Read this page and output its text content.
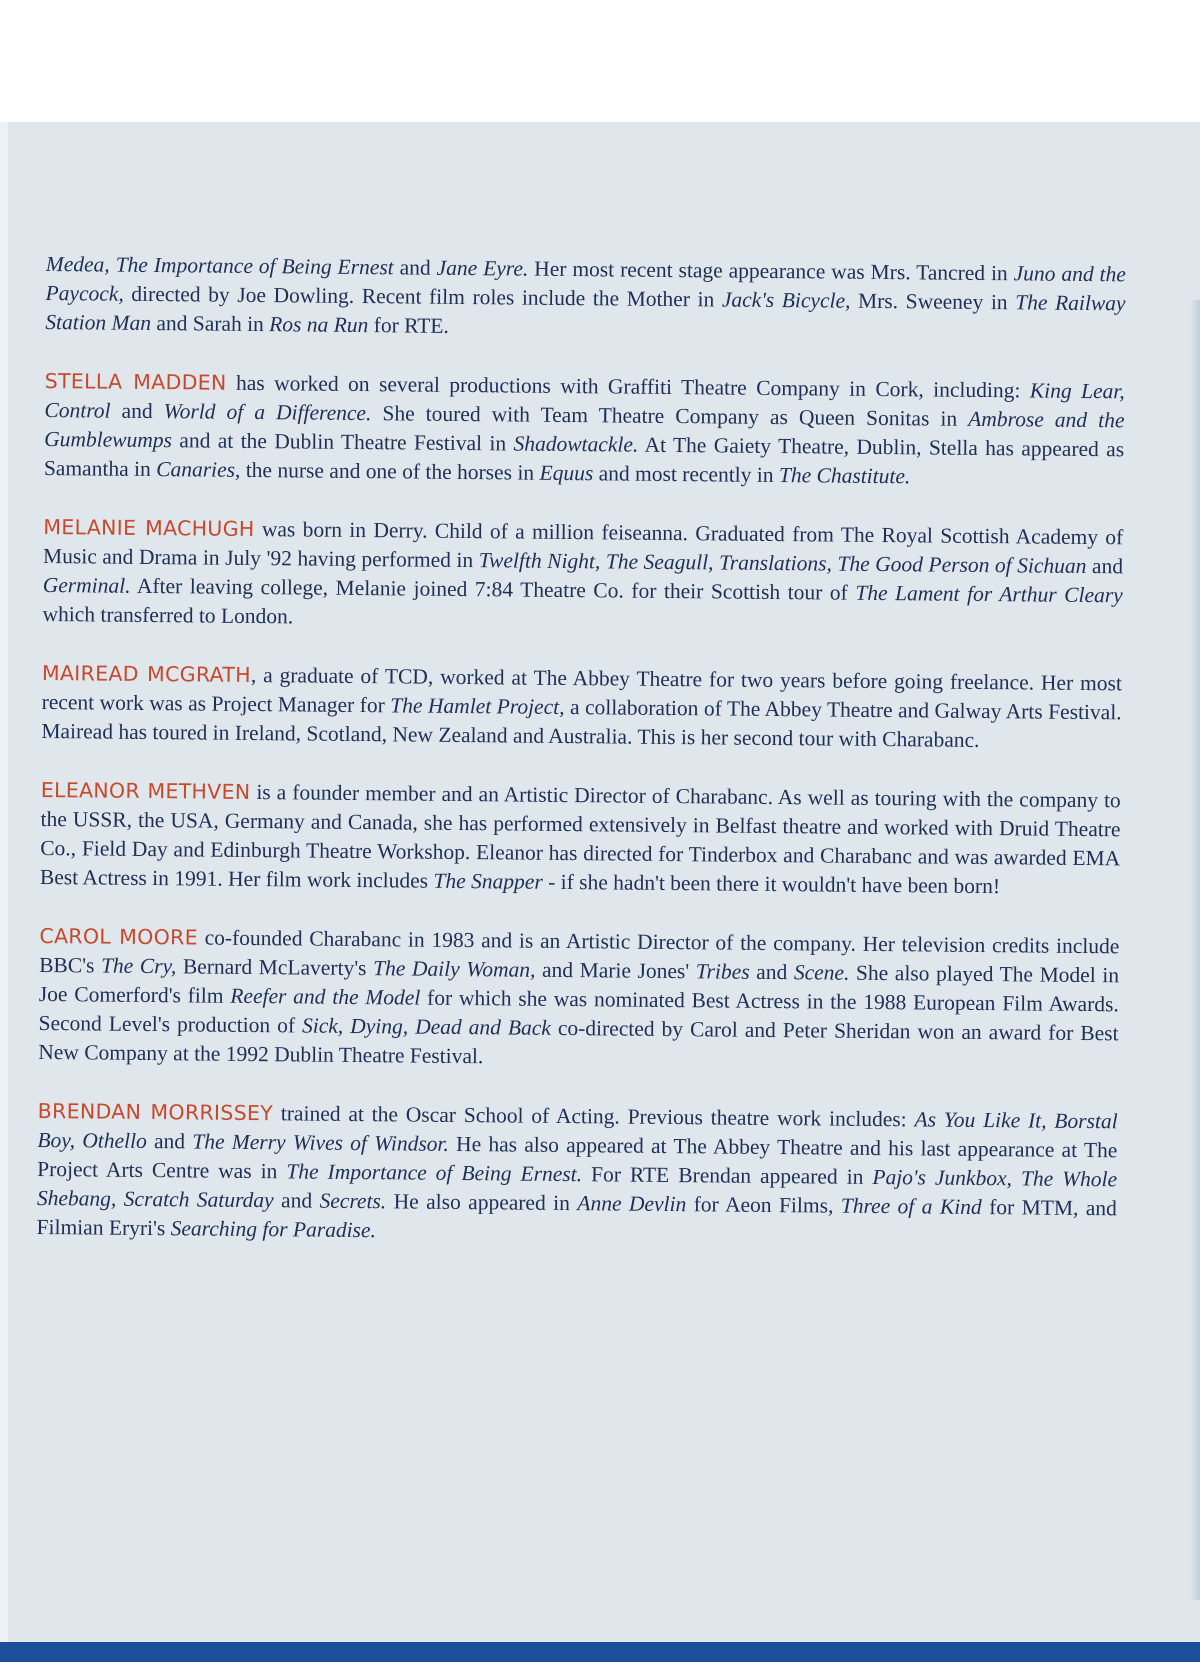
Medea, The Importance of Being Ernest and Jane Eyre. Her most recent stage appearance was Mrs. Tancred in Juno and the Paycock, directed by Joe Dowling. Recent film roles include the Mother in Jack's Bicycle, Mrs. Sweeney in The Railway Station Man and Sarah in Ros na Run for RTE.

STELLA MADDEN has worked on several productions with Graffiti Theatre Company in Cork, including: King Lear, Control and World of a Difference. She toured with Team Theatre Company as Queen Sonitas in Ambrose and the Gumblewumps and at the Dublin Theatre Festival in Shadowtackle. At The Gaiety Theatre, Dublin, Stella has appeared as Samantha in Canaries, the nurse and one of the horses in Equus and most recently in The Chastitute.

MELANIE MACHUGH was born in Derry. Child of a million feiseanna. Graduated from The Royal Scottish Academy of Music and Drama in July '92 having performed in Twelfth Night, The Seagull, Translations, The Good Person of Sichuan and Germinal. After leaving college, Melanie joined 7:84 Theatre Co. for their Scottish tour of The Lament for Arthur Cleary which transferred to London.

MAIREAD MCGRATH, a graduate of TCD, worked at The Abbey Theatre for two years before going freelance. Her most recent work was as Project Manager for The Hamlet Project, a collaboration of The Abbey Theatre and Galway Arts Festival. Mairead has toured in Ireland, Scotland, New Zealand and Australia. This is her second tour with Charabanc.

ELEANOR METHVEN is a founder member and an Artistic Director of Charabanc. As well as touring with the company to the USSR, the USA, Germany and Canada, she has performed extensively in Belfast theatre and worked with Druid Theatre Co., Field Day and Edinburgh Theatre Workshop. Eleanor has directed for Tinderbox and Charabanc and was awarded EMA Best Actress in 1991. Her film work includes The Snapper - if she hadn't been there it wouldn't have been born!

CAROL MOORE co-founded Charabanc in 1983 and is an Artistic Director of the company. Her television credits include BBC's The Cry, Bernard McLaverty's The Daily Woman, and Marie Jones' Tribes and Scene. She also played The Model in Joe Comerford's film Reefer and the Model for which she was nominated Best Actress in the 1988 European Film Awards. Second Level's production of Sick, Dying, Dead and Back co-directed by Carol and Peter Sheridan won an award for Best New Company at the 1992 Dublin Theatre Festival.

BRENDAN MORRISSEY trained at the Oscar School of Acting. Previous theatre work includes: As You Like It, Borstal Boy, Othello and The Merry Wives of Windsor. He has also appeared at The Abbey Theatre and his last appearance at The Project Arts Centre was in The Importance of Being Ernest. For RTE Brendan appeared in Pajo's Junkbox, The Whole Shebang, Scratch Saturday and Secrets. He also appeared in Anne Devlin for Aeon Films, Three of a Kind for MTM, and Filmian Eryri's Searching for Paradise.
